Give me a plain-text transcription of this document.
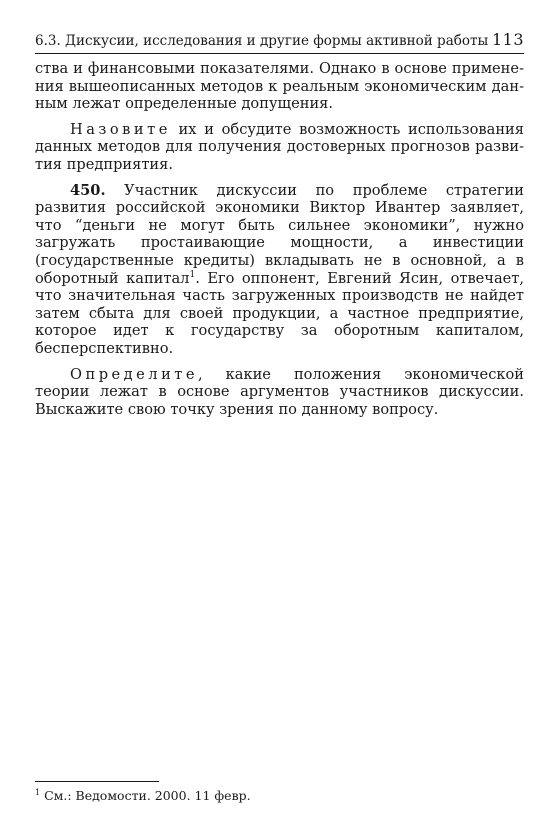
6.3. Дискусии, исследования и другие формы активной работы 113

ства и финансовыми показателями. Однако в основе применения вышеописанных методов к реальным экономическим данным лежат определенные допущения.

Назовите их и обсудите возможность использования данных методов для получения достоверных прогнозов развития предприятия.

450. Участник дискуссии по проблеме стратегии развития российской экономики Виктор Ивантер заявляет, что “деньги не могут быть сильнее экономики”, нужно загружать простаивающие мощности, а инвестиции (государственные кредиты) вкладывать не в основной, а в оборотный капитал$^1$. Его оппонент, Евгений Ясин, отвечает, что значительная часть загруженных производств не найдет затем сбыта для своей продукции, а частное предприятие, которое идет к государству за оборотным капиталом, бесперспективно.

Определите, какие положения экономической теории лежат в основе аргументов участников дискуссии. Выскажите свою точку зрения по данному вопросу.

$^1$ См.: Ведомости. 2000. 11 февр.
